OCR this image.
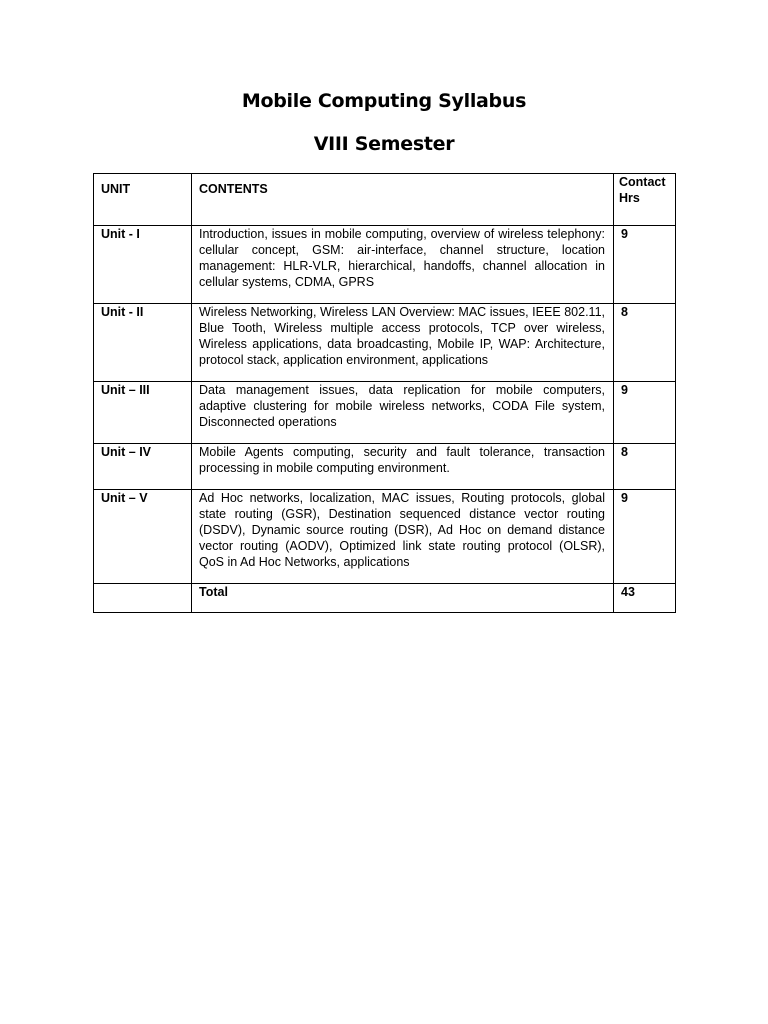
Mobile Computing Syllabus
VIII Semester
UNIT	CONTENTS	Contact Hrs
Unit - I	Introduction, issues in mobile computing, overview of wireless telephony: cellular concept, GSM: air-interface, channel structure, location management: HLR-VLR, hierarchical, handoffs, channel allocation in cellular systems, CDMA, GPRS	9
Unit - II	Wireless Networking, Wireless LAN Overview: MAC issues, IEEE 802.11, Blue Tooth, Wireless multiple access protocols, TCP over wireless, Wireless applications, data broadcasting, Mobile IP, WAP: Architecture, protocol stack, application environment, applications	8
Unit – III	Data management issues, data replication for mobile computers, adaptive clustering for mobile wireless networks, CODA File system, Disconnected operations	9
Unit – IV	Mobile Agents computing, security and fault tolerance, transaction processing in mobile computing environment.	8
Unit – V	Ad Hoc networks, localization, MAC issues, Routing protocols, global state routing (GSR), Destination sequenced distance vector routing (DSDV), Dynamic source routing (DSR), Ad Hoc on demand distance vector routing (AODV), Optimized link state routing protocol (OLSR), QoS in Ad Hoc Networks, applications	9
	Total	43
